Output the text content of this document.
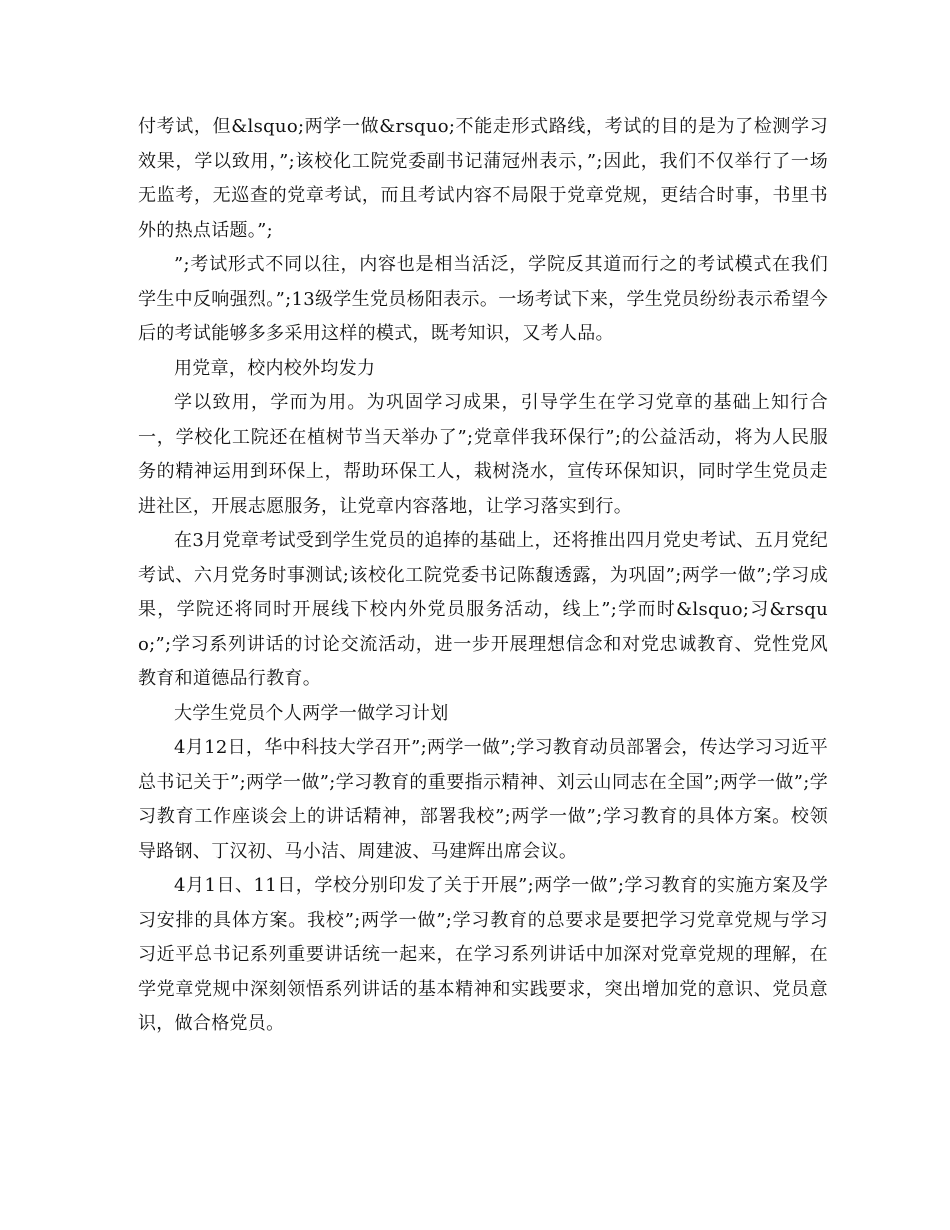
付考试，但&lsquo;两学一做&rsquo;不能走形式路线，考试的目的是为了检测学习效果，学以致用，”;该校化工院党委副书记蒲冠州表示，”;因此，我们不仅举行了一场无监考，无巡查的党章考试，而且考试内容不局限于党章党规，更结合时事，书里书外的热点话题。”;

”;考试形式不同以往，内容也是相当活泛，学院反其道而行之的考试模式在我们学生中反响强烈。”;13级学生党员杨阳表示。一场考试下来，学生党员纷纷表示希望今后的考试能够多多采用这样的模式，既考知识，又考人品。

用党章，校内校外均发力

学以致用，学而为用。为巩固学习成果，引导学生在学习党章的基础上知行合一，学校化工院还在植树节当天举办了”;党章伴我环保行”;的公益活动，将为人民服务的精神运用到环保上，帮助环保工人，栽树浇水，宣传环保知识，同时学生党员走进社区，开展志愿服务，让党章内容落地，让学习落实到行。

在3月党章考试受到学生党员的追捧的基础上，还将推出四月党史考试、五月党纪考试、六月党务时事测试;该校化工院党委书记陈馥透露，为巩固”;两学一做”;学习成果，学院还将同时开展线下校内外党员服务活动，线上”;学而时&lsquo;习&rsquo;”;学习系列讲话的讨论交流活动，进一步开展理想信念和对党忠诚教育、党性党风教育和道德品行教育。

大学生党员个人两学一做学习计划

4月12日，华中科技大学召开”;两学一做”;学习教育动员部署会，传达学习习近平总书记关于”;两学一做”;学习教育的重要指示精神、刘云山同志在全国”;两学一做”;学习教育工作座谈会上的讲话精神，部署我校”;两学一做”;学习教育的具体方案。校领导路钢、丁汉初、马小洁、周建波、马建辉出席会议。

4月1日、11日，学校分别印发了关于开展”;两学一做”;学习教育的实施方案及学习安排的具体方案。我校”;两学一做”;学习教育的总要求是要把学习党章党规与学习习近平总书记系列重要讲话统一起来，在学习系列讲话中加深对党章党规的理解，在学党章党规中深刻领悟系列讲话的基本精神和实践要求，突出增加党的意识、党员意识，做合格党员。
